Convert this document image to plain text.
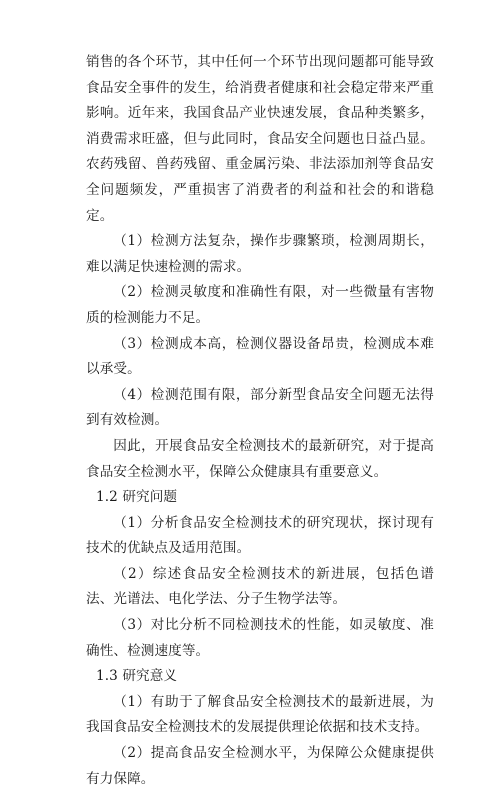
销售的各个环节，其中任何一个环节出现问题都可能导致食品安全事件的发生，给消费者健康和社会稳定带来严重影响。近年来，我国食品产业快速发展，食品种类繁多，消费需求旺盛，但与此同时，食品安全问题也日益凸显。农药残留、兽药残留、重金属污染、非法添加剂等食品安全问题频发，严重损害了消费者的利益和社会的和谐稳定。

（1）检测方法复杂，操作步骤繁琐，检测周期长，难以满足快速检测的需求。

（2）检测灵敏度和准确性有限，对一些微量有害物质的检测能力不足。

（3）检测成本高，检测仪器设备昂贵，检测成本难以承受。

（4）检测范围有限，部分新型食品安全问题无法得到有效检测。

因此，开展食品安全检测技术的最新研究，对于提高食品安全检测水平，保障公众健康具有重要意义。

1.2 研究问题

（1）分析食品安全检测技术的研究现状，探讨现有技术的优缺点及适用范围。

（2）综述食品安全检测技术的新进展，包括色谱法、光谱法、电化学法、分子生物学法等。

（3）对比分析不同检测技术的性能，如灵敏度、准确性、检测速度等。

1.3 研究意义

（1）有助于了解食品安全检测技术的最新进展，为我国食品安全检测技术的发展提供理论依据和技术支持。

（2）提高食品安全检测水平，为保障公众健康提供有力保障。
